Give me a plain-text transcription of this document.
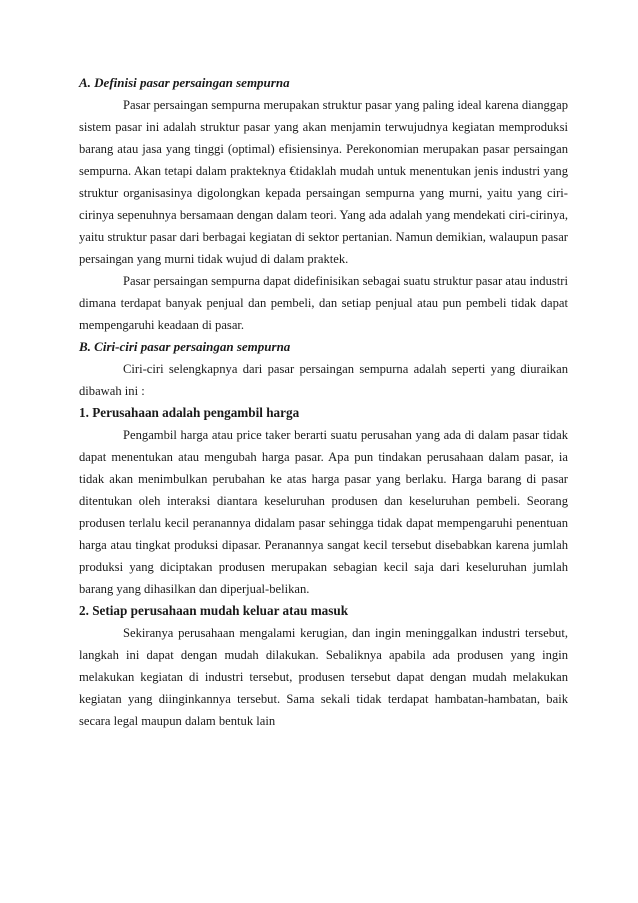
A. Definisi pasar persaingan sempurna

Pasar persaingan sempurna merupakan struktur pasar yang paling ideal karena dianggap sistem pasar ini adalah struktur pasar yang akan menjamin terwujudnya kegiatan memproduksi barang atau jasa yang tinggi (optimal) efisiensinya. Perekonomian merupakan pasar persaingan sempurna. Akan tetapi dalam prakteknya €tidaklah mudah untuk menentukan jenis industri yang struktur organisasinya digolongkan kepada persaingan sempurna yang murni, yaitu yang ciri-cirinya sepenuhnya bersamaan dengan dalam teori. Yang ada adalah yang mendekati ciri-cirinya, yaitu struktur pasar dari berbagai kegiatan di sektor pertanian. Namun demikian, walaupun pasar persaingan yang murni tidak wujud di dalam praktek.

Pasar persaingan sempurna dapat didefinisikan sebagai suatu struktur pasar atau industri dimana terdapat banyak penjual dan pembeli, dan setiap penjual atau pun pembeli tidak dapat mempengaruhi keadaan di pasar.

B. Ciri-ciri pasar persaingan sempurna

Ciri-ciri selengkapnya dari pasar persaingan sempurna adalah seperti yang diuraikan dibawah ini :

1. Perusahaan adalah pengambil harga

Pengambil harga atau price taker berarti suatu perusahan yang ada di dalam pasar tidak dapat menentukan atau mengubah harga pasar. Apa pun tindakan perusahaan dalam pasar, ia tidak akan menimbulkan perubahan ke atas harga pasar yang berlaku. Harga barang di pasar ditentukan oleh interaksi diantara keseluruhan produsen dan keseluruhan pembeli. Seorang produsen terlalu kecil peranannya didalam pasar sehingga tidak dapat mempengaruhi penentuan harga atau tingkat produksi dipasar. Peranannya sangat kecil tersebut disebabkan karena jumlah produksi yang diciptakan produsen merupakan sebagian kecil saja dari keseluruhan jumlah barang yang dihasilkan dan diperjual-belikan.

2. Setiap perusahaan mudah keluar atau masuk

Sekiranya perusahaan mengalami kerugian, dan ingin meninggalkan industri tersebut, langkah ini dapat dengan mudah dilakukan. Sebaliknya apabila ada produsen yang ingin melakukan kegiatan di industri tersebut, produsen tersebut dapat dengan mudah melakukan kegiatan yang diinginkannya tersebut. Sama sekali tidak terdapat hambatan-hambatan, baik secara legal maupun dalam bentuk lain
